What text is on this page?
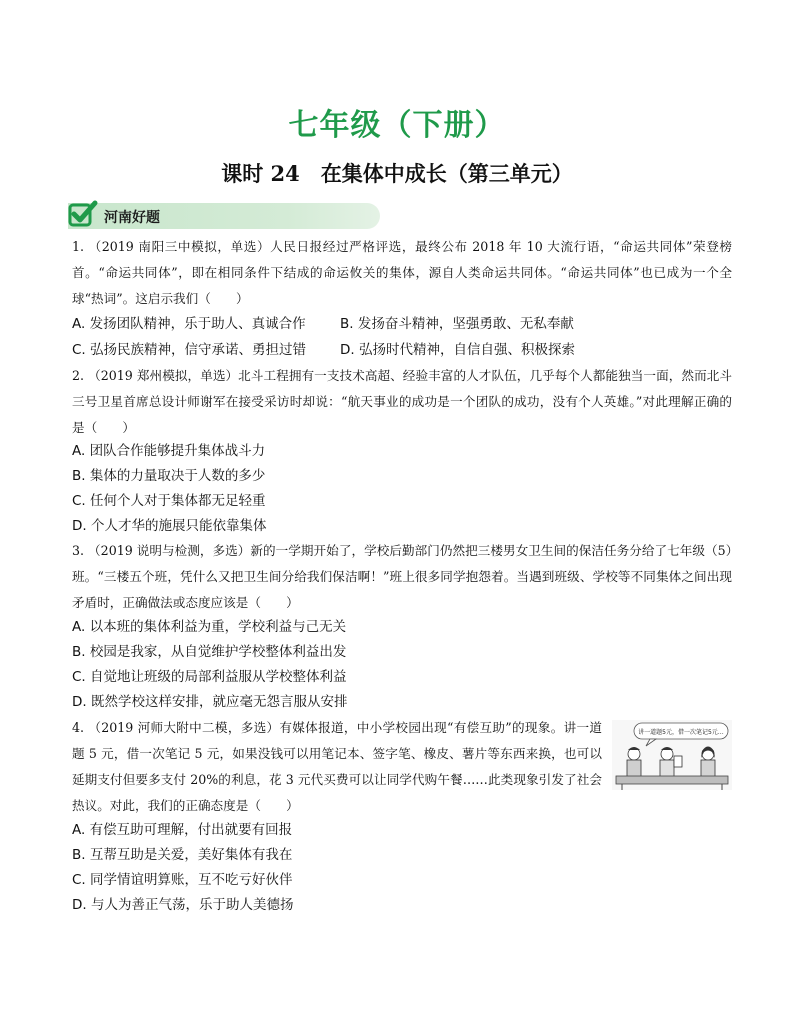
七年级（下册）
课时 24　在集体中成长（第三单元）
河南好题
1. （2019 南阳三中模拟，单选）人民日报经过严格评选，最终公布 2018 年 10 大流行语，“命运共同体”荣登榜首。“命运共同体”，即在相同条件下结成的命运攸关的集体，源自人类命运共同体。“命运共同体”也已成为一个全球“热词”。这启示我们（　　）
A. 发扬团队精神，乐于助人、真诚合作	B. 发扬奋斗精神，坚强勇敢、无私奉献
C. 弘扬民族精神，信守承诺、勇担过错	D. 弘扬时代精神，自信自强、积极探索
2. （2019 郑州模拟，单选）北斗工程拥有一支技术高超、经验丰富的人才队伍，几乎每个人都能独当一面，然而北斗三号卫星首席总设计师谢军在接受采访时却说：“航天事业的成功是一个团队的成功，没有个人英雄。”对此理解正确的是（　　）
A. 团队合作能够提升集体战斗力
B. 集体的力量取决于人数的多少
C. 任何个人对于集体都无足轻重
D. 个人才华的施展只能依靠集体
3. （2019 说明与检测，多选）新的一学期开始了，学校后勤部门仍然把三楼男女卫生间的保洁任务分给了七年级（5）班。“三楼五个班，凭什么又把卫生间分给我们保洁啊！”班上很多同学抱怨着。当遇到班级、学校等不同集体之间出现矛盾时，正确做法或态度应该是（　　）
A. 以本班的集体利益为重，学校利益与己无关
B. 校园是我家，从自觉维护学校整体利益出发
C. 自觉地让班级的局部利益服从学校整体利益
D. 既然学校这样安排，就应毫无怨言服从安排
4. （2019 河师大附中二模，多选）有媒体报道，中小学校园出现“有偿互助”的现象。讲一道题 5 元，借一次笔记 5 元，如果没钱可以用笔记本、签字笔、橡皮、薯片等东西来换，也可以延期支付但要多支付 20%的利息，花 3 元代买费可以让同学代购午餐……此类现象引发了社会热议。对此，我们的正确态度是（　　）
讲一道题5元，借一次笔记5元…
A. 有偿互助可理解，付出就要有回报
B. 互帮互助是关爱，美好集体有我在
C. 同学情谊明算账，互不吃亏好伙伴
D. 与人为善正气荡，乐于助人美德扬
